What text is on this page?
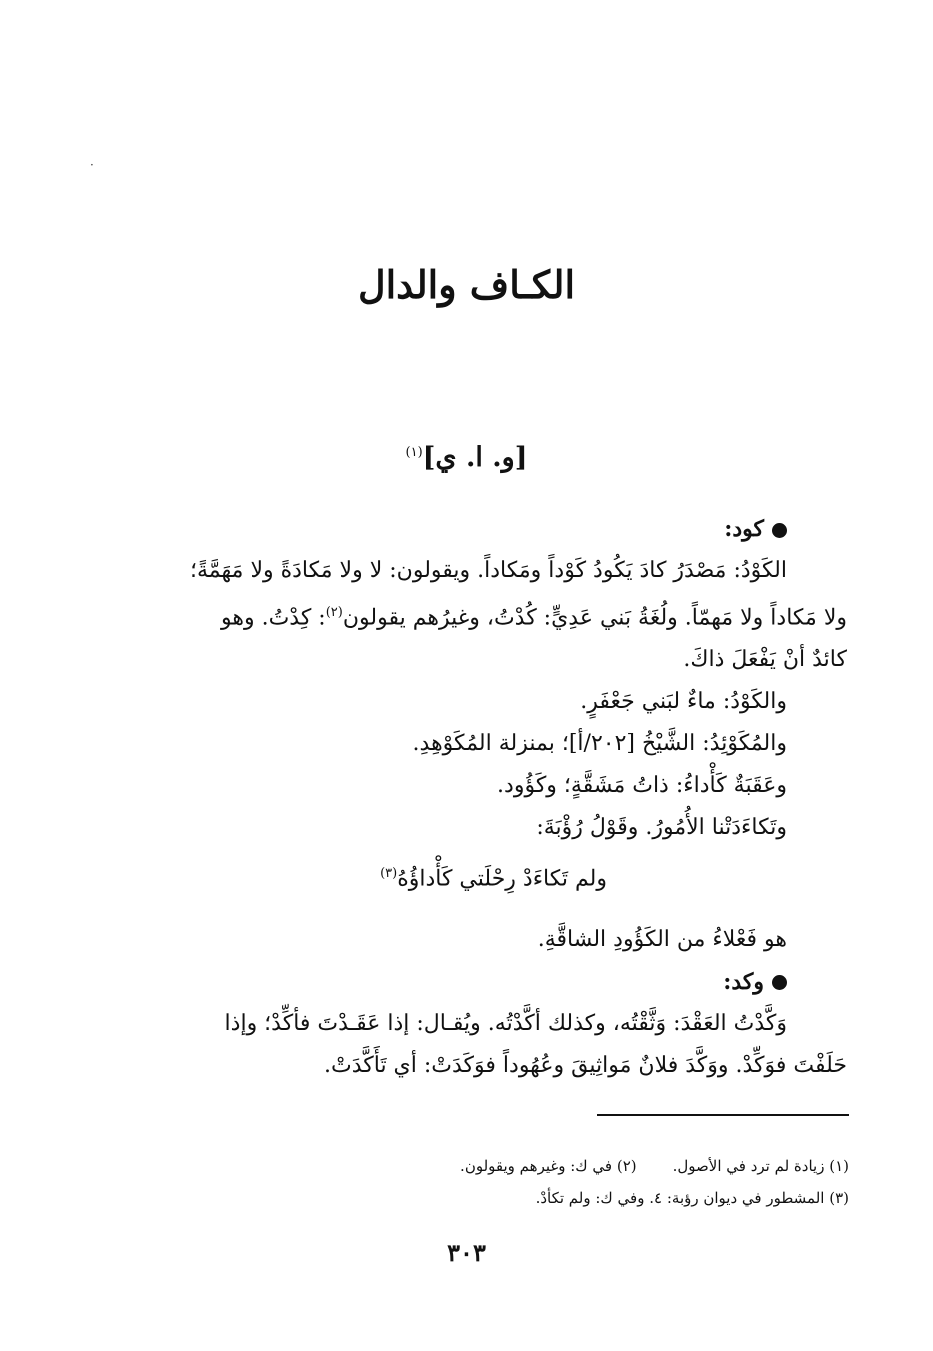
·
الكـاف والدال
[و. ا. ي]$^{(١)}$
كود:
الكَوْدُ: مَصْدَرُ كادَ يَكُودُ كَوْداً ومَكاداً. ويقولون: لا ولا مَكادَةً ولا مَهَمَّةً؛
ولا مَكاداً ولا مَهمّاً. ولُغَةُ بَني عَدِيٍّ: كُدْتُ، وغيرُهم يقولون$^{(٢)}$: كِدْتُ. وهو
كائدٌ أنْ يَفْعَلَ ذاكَ.
والكَوْدُ: ماءٌ لبَني جَعْفَرٍ.
والمُكَوْئِدُ: الشَّيْخُ [٢٠٢/أ]؛ بمنزلة المُكَوْهِدِ.
وعَقَبَةٌ كَأْداءُ: ذاتُ مَشَقَّةٍ؛ وكَؤُود.
وتَكاءَدَتْنا الأُمُورُ. وقَوْلُ رُؤْبَةَ:
ولم تَكاءَدْ رِحْلَتي كَأْداؤُهُ$^{(٣)}$
هو فَعْلاءُ من الكَؤُودِ الشاقَّةِ.
وكد:
وَكَّدْتُ العَقْدَ: وَثَّقْتُه، وكذلك أكَّدْتُه. ويُقـال: إذا عَقَـدْتَ فأكِّدْ؛ وإذا
حَلَفْتَ فوَكِّدْ. ووَكَّدَ فلانٌ مَواثِيقَ وعُهُوداً فوَكَدَتْ: أي تَأَكَّدَتْ.
(١) زيادة لم ترد في الأصول.(٢) في ك: وغيرهم ويقولون.
(٣) المشطور في ديوان رؤبة: ٤. وفي ك: ولم تكأدْ.
٣٠٣
